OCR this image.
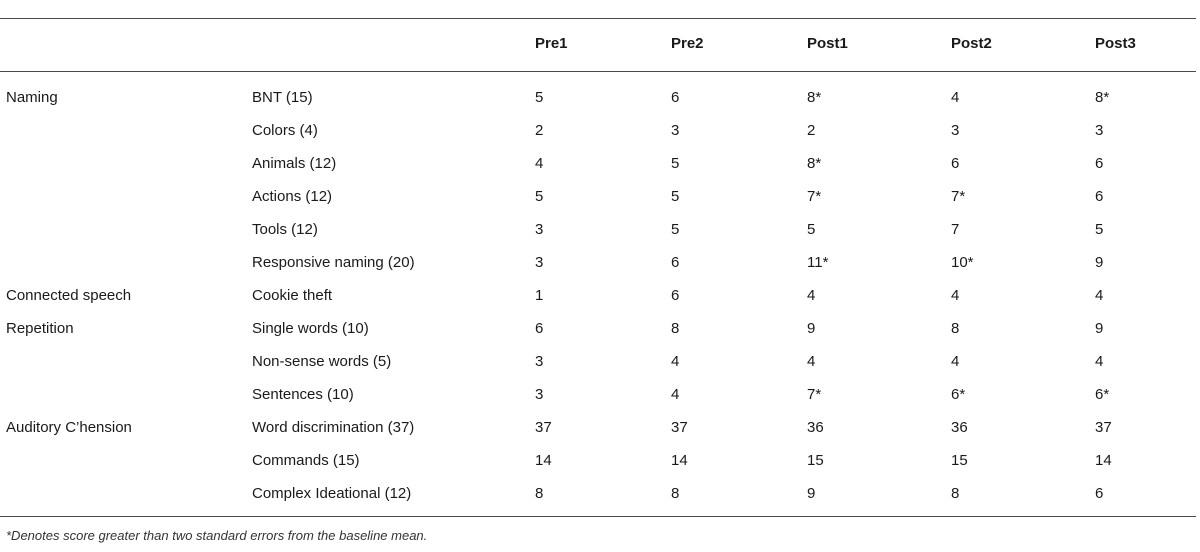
		Pre1	Pre2	Post1	Post2	Post3
Naming	BNT (15)	5	6	8*	4	8*
	Colors (4)	2	3	2	3	3
	Animals (12)	4	5	8*	6	6
	Actions (12)	5	5	7*	7*	6
	Tools (12)	3	5	5	7	5
	Responsive naming (20)	3	6	11*	10*	9
Connected speech	Cookie theft	1	6	4	4	4
Repetition	Single words (10)	6	8	9	8	9
	Non-sense words (5)	3	4	4	4	4
	Sentences (10)	3	4	7*	6*	6*
Auditory C’hension	Word discrimination (37)	37	37	36	36	37
	Commands (15)	14	14	15	15	14
	Complex Ideational (12)	8	8	9	8	6
*Denotes score greater than two standard errors from the baseline mean.
